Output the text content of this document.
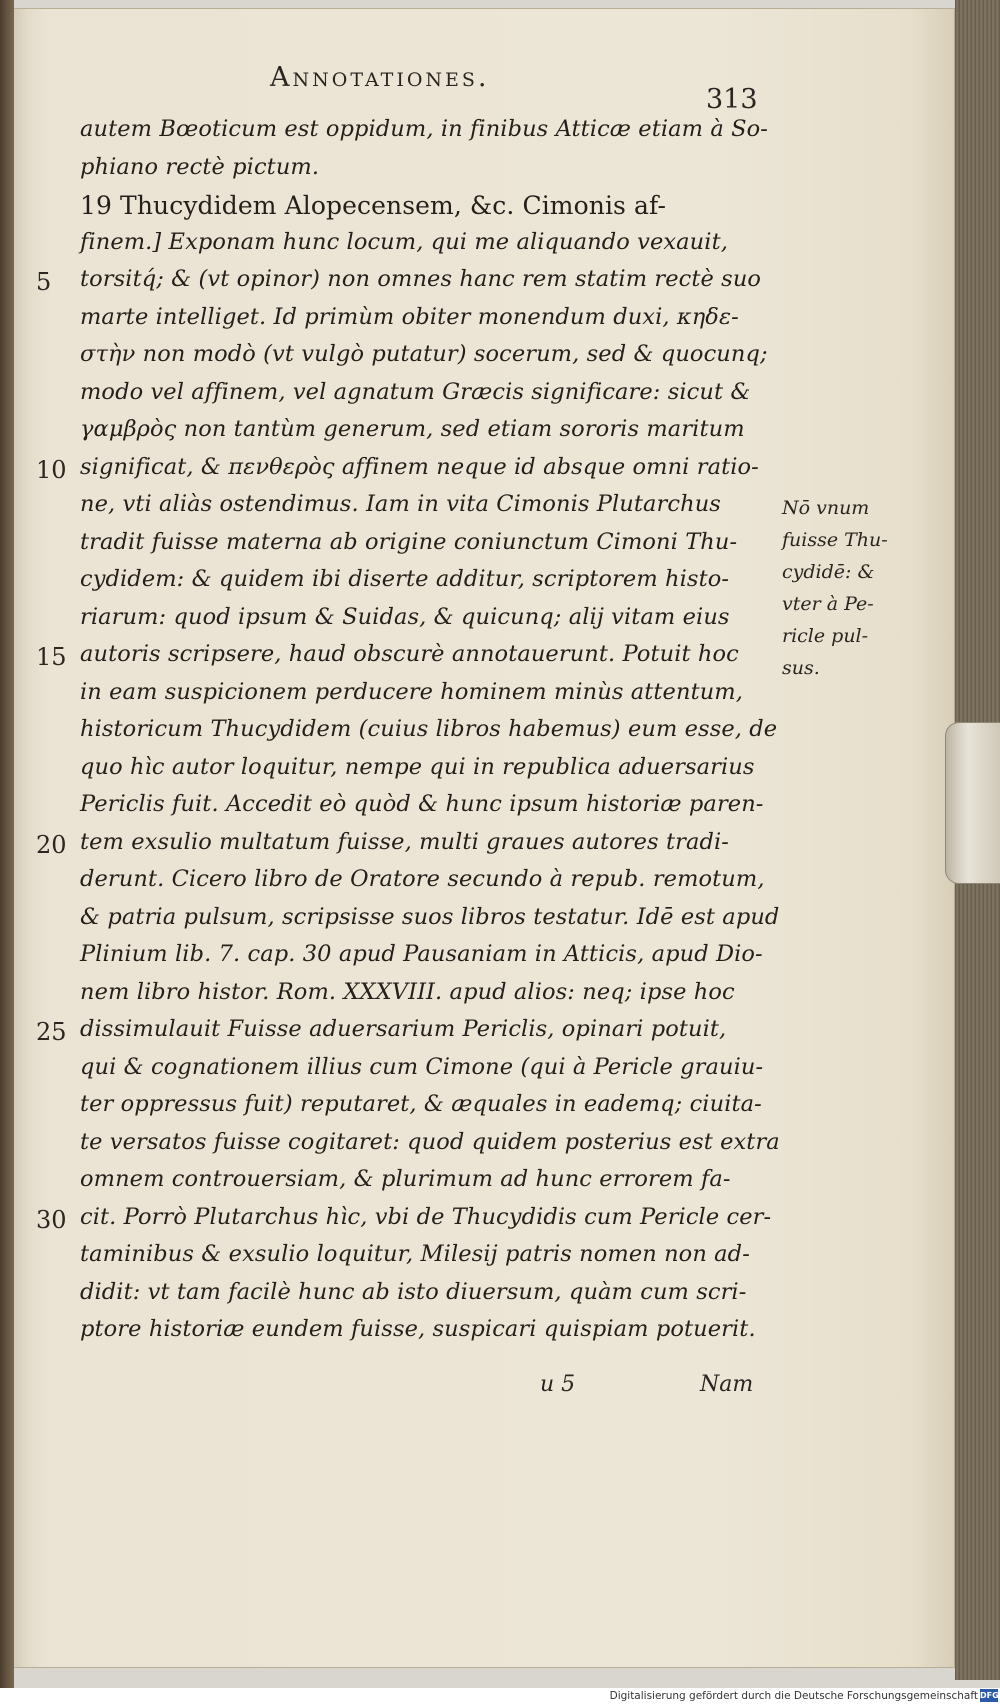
Annotationes.
313
autem Bœoticum est oppidum, in finibus Atticæ etiam à So-
phiano rectè pictum.
19 Thucydidem Alopecensem, &c. Cimonis af-
finem.] Exponam hunc locum, qui me aliquando vexauit,
torsitq́; & (vt opinor) non omnes hanc rem statim rectè suo
5
marte intelliget. Id primùm obiter monendum duxi, κηδε-
στὴν non modò (vt vulgò putatur) socerum, sed & quocunq;
modo vel affinem, vel agnatum Græcis significare: sicut &
γαμβρὸς non tantùm generum, sed etiam sororis maritum
significat, & πενθερὸς affinem neque id absque omni ratio-
10
ne, vti aliàs ostendimus. Iam in vita Cimonis Plutarchus
tradit fuisse materna ab origine coniunctum Cimoni Thu-
cydidem: & quidem ibi diserte additur, scriptorem histo-
riarum: quod ipsum & Suidas, & quicunq; alij vitam eius
autoris scripsere, haud obscurè annotauerunt. Potuit hoc
15
in eam suspicionem perducere hominem minùs attentum,
historicum Thucydidem (cuius libros habemus) eum esse, de
quo hìc autor loquitur, nempe qui in republica aduersarius
Periclis fuit. Accedit eò quòd & hunc ipsum historiæ paren-
tem exsulio multatum fuisse, multi graues autores tradi-
20
derunt. Cicero libro de Oratore secundo à repub. remotum,
& patria pulsum, scripsisse suos libros testatur. Idē est apud
Plinium lib. 7. cap. 30 apud Pausaniam in Atticis, apud Dio-
nem libro histor. Rom. XXXVIII. apud alios: neq; ipse hoc
dissimulauit Fuisse aduersarium Periclis, opinari potuit,
25
qui & cognationem illius cum Cimone (qui à Pericle grauiu-
ter oppressus fuit) reputaret, & æquales in eademq; ciuita-
te versatos fuisse cogitaret: quod quidem posterius est extra
omnem controuersiam, & plurimum ad hunc errorem fa-
cit. Porrò Plutarchus hìc, vbi de Thucydidis cum Pericle cer-
30
taminibus & exsulio loquitur, Milesij patris nomen non ad-
didit: vt tam facilè hunc ab isto diuersum, quàm cum scri-
ptore historiæ eundem fuisse, suspicari quispiam potuerit.
Nō vnum
fuisse Thu-
cydidē: &
vter à Pe-
ricle pul-
sus.
u 5	Nam
Digitalisierung gefördert durch die Deutsche Forschungsgemeinschaft DFG
